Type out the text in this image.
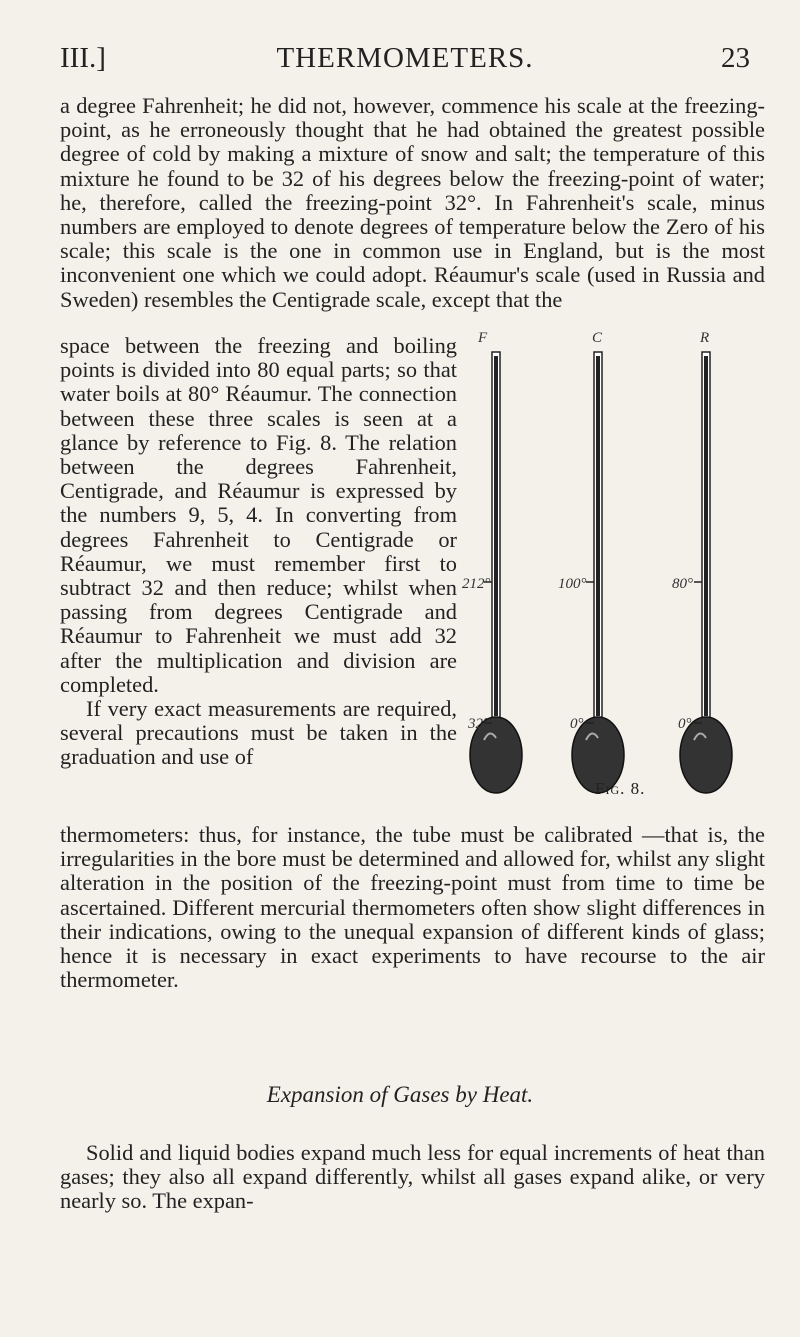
III.]	THERMOMETERS.	23

a degree Fahrenheit; he did not, however, commence his scale at the freezing-point, as he erroneously thought that he had obtained the greatest possible degree of cold by making a mixture of snow and salt; the temperature of this mixture he found to be 32 of his degrees below the freezing-point of water; he, therefore, called the freezing-point 32°. In Fahrenheit's scale, minus numbers are employed to denote degrees of temperature below the Zero of his scale; this scale is the one in common use in England, but is the most inconvenient one which we could adopt. Réaumur's scale (used in Russia and Sweden) resembles the Centigrade scale, except that the

space between the freezing and boiling points is divided into 80 equal parts; so that water boils at 80° Réaumur. The connection between these three scales is seen at a glance by reference to Fig. 8. The relation between the degrees Fahrenheit, Centigrade, and Réaumur is expressed by the numbers 9, 5, 4. In converting from degrees Fahrenheit to Centigrade or Réaumur, we must remember first to subtract 32 and then reduce; whilst when passing from degrees Centigrade and Réaumur to Fahrenheit we must add 32 after the multiplication and division are completed.

If very exact measurements are required, several precautions must be taken in the graduation and use of

F
212°
32°
C
100°
0°
R
80°
0°
Fig. 8.

thermometers: thus, for instance, the tube must be calibrated —that is, the irregularities in the bore must be determined and allowed for, whilst any slight alteration in the position of the freezing-point must from time to time be ascertained. Different mercurial thermometers often show slight differences in their indications, owing to the unequal expansion of different kinds of glass; hence it is necessary in exact experiments to have recourse to the air thermometer.

Expansion of Gases by Heat.

Solid and liquid bodies expand much less for equal increments of heat than gases; they also all expand differently, whilst all gases expand alike, or very nearly so. The expan-
